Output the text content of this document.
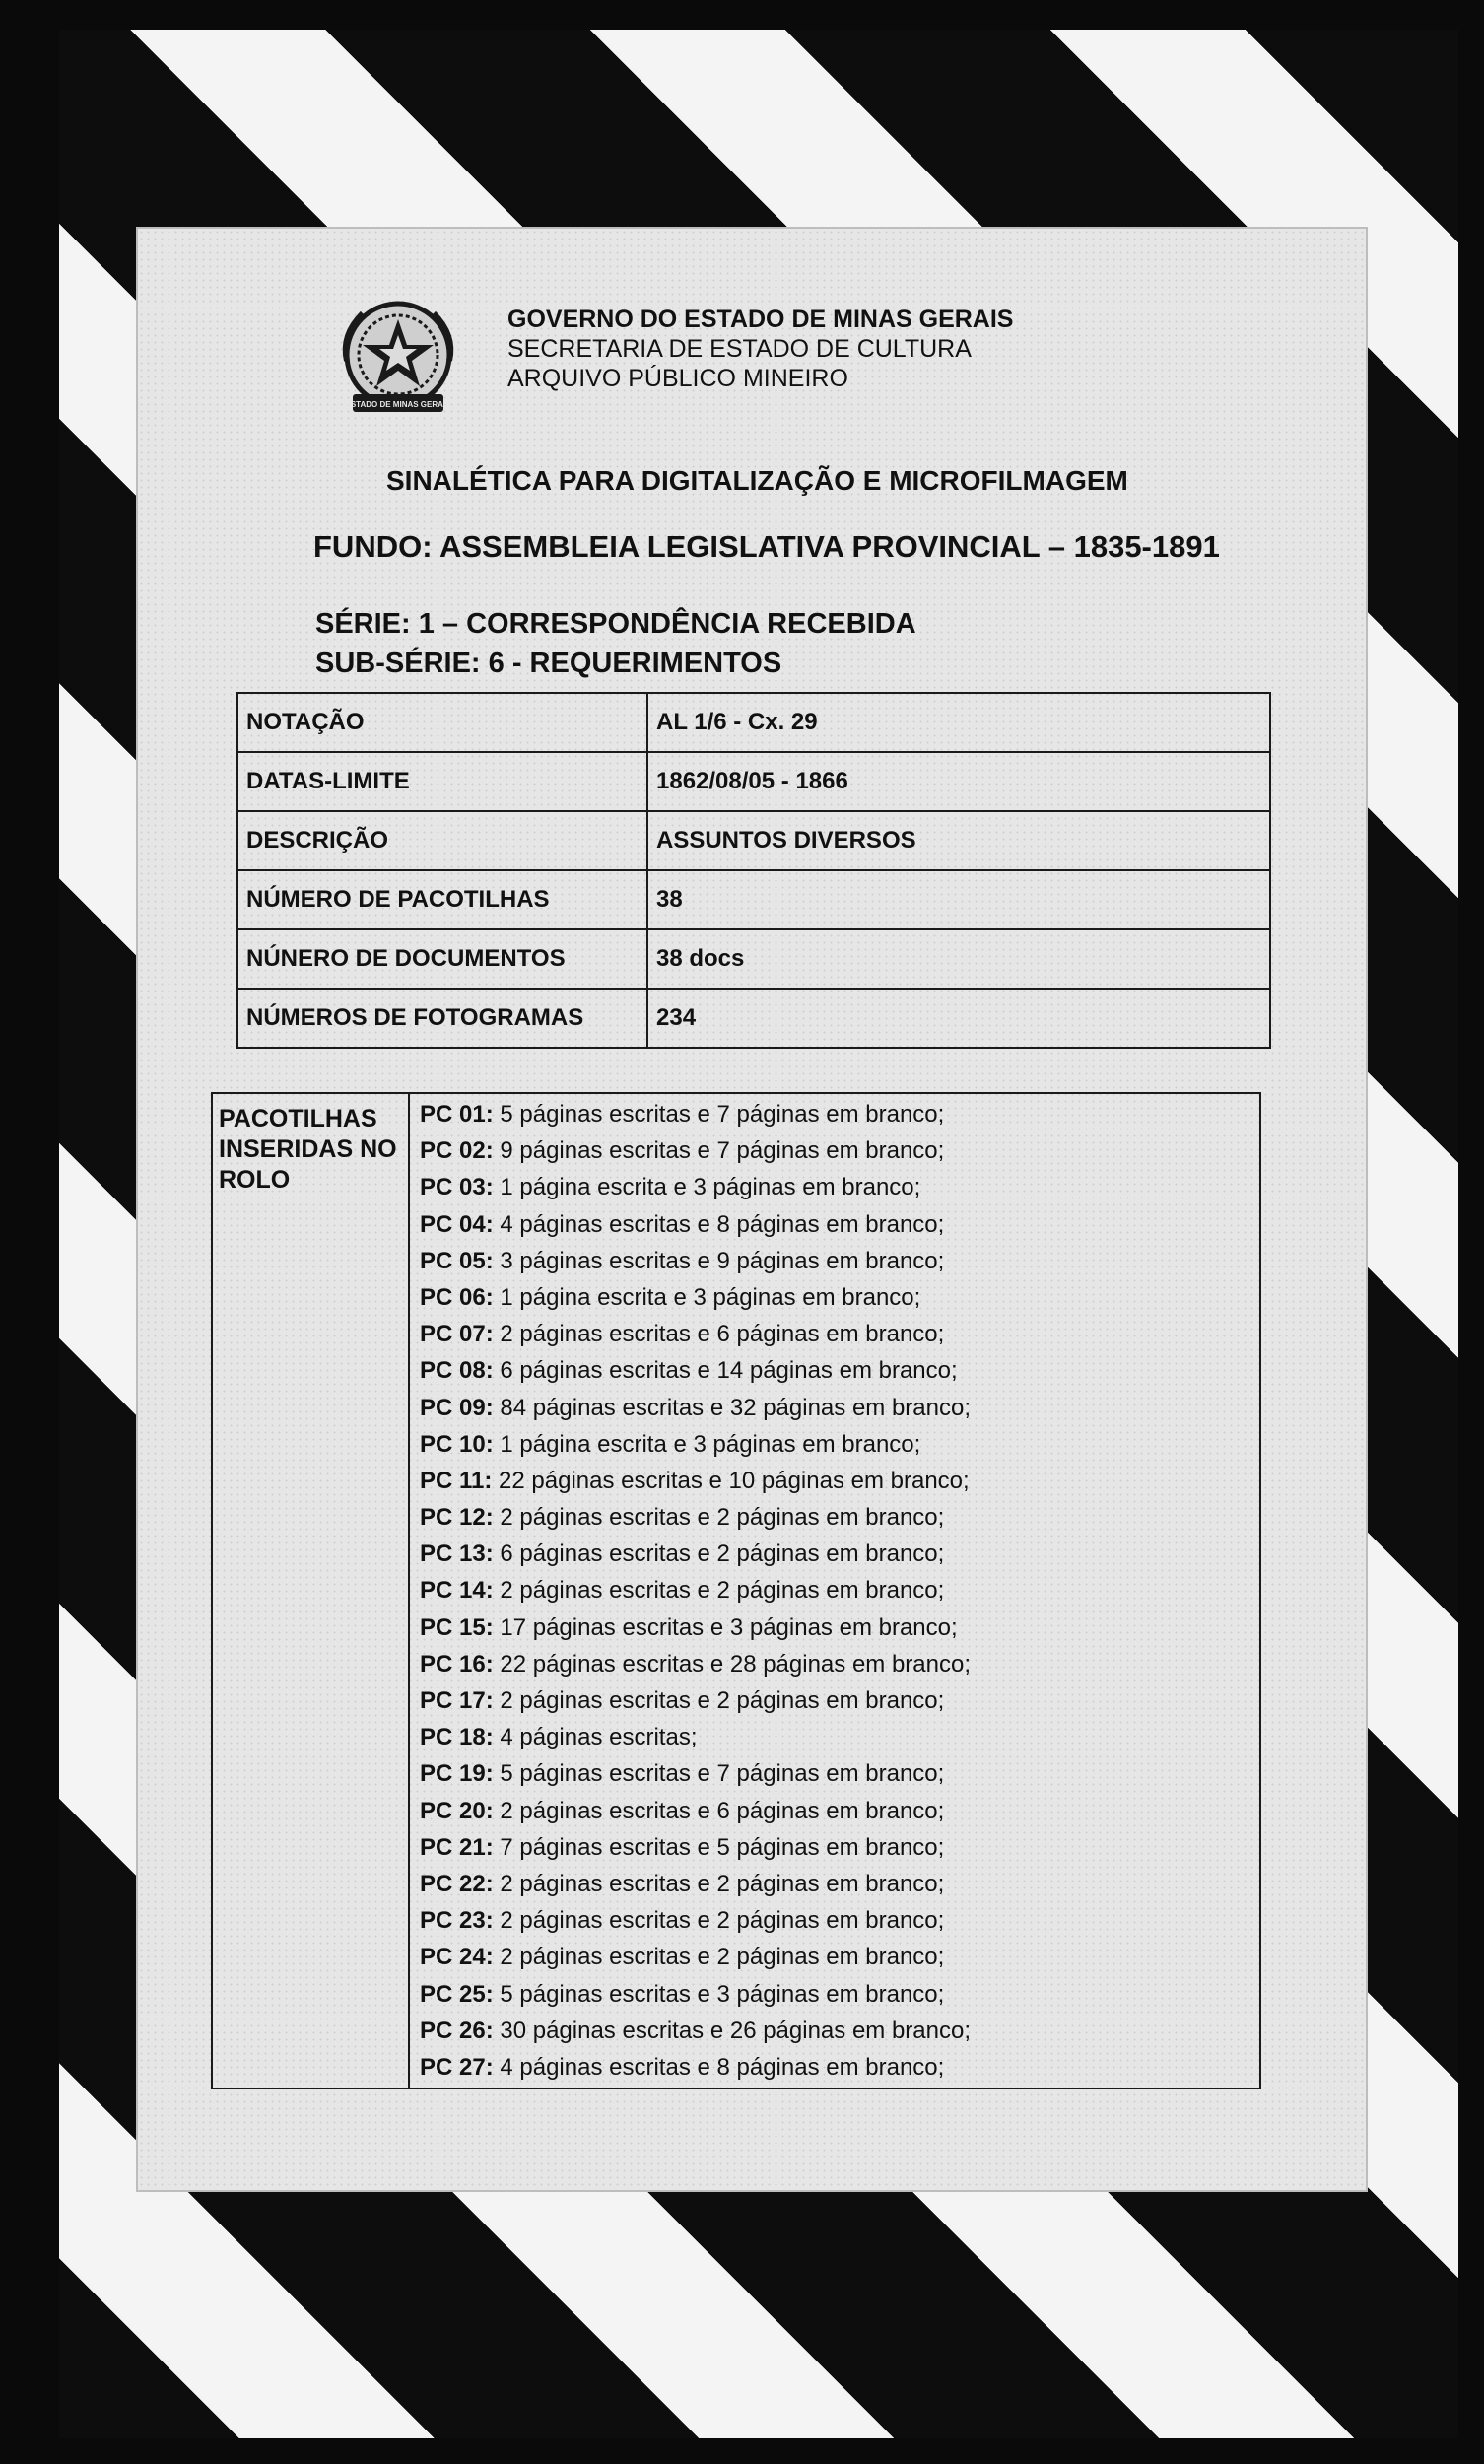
ESTADO DE MINAS GERAIS
GOVERNO DO ESTADO DE MINAS GERAIS
SECRETARIA DE ESTADO DE CULTURA
ARQUIVO PÚBLICO MINEIRO
SINALÉTICA PARA DIGITALIZAÇÃO E MICROFILMAGEM
FUNDO: ASSEMBLEIA LEGISLATIVA PROVINCIAL – 1835-1891
SÉRIE: 1 – CORRESPONDÊNCIA RECEBIDA
SUB-SÉRIE: 6 - REQUERIMENTOS
NOTAÇÃO	AL 1/6 - Cx. 29
DATAS-LIMITE	1862/08/05 - 1866
DESCRIÇÃO	ASSUNTOS DIVERSOS
NÚMERO DE PACOTILHAS	38
NÚNERO DE DOCUMENTOS	38 docs
NÚMEROS DE FOTOGRAMAS	234
PACOTILHAS
INSERIDAS NO
ROLO
PC 01: 5 páginas escritas e 7 páginas em branco;
PC 02: 9 páginas escritas e 7 páginas em branco;
PC 03: 1 página escrita e 3 páginas em branco;
PC 04: 4 páginas escritas e 8 páginas em branco;
PC 05: 3 páginas escritas e 9 páginas em branco;
PC 06: 1 página escrita e 3 páginas em branco;
PC 07: 2 páginas escritas e 6 páginas em branco;
PC 08: 6 páginas escritas e 14 páginas em branco;
PC 09: 84 páginas escritas e 32 páginas em branco;
PC 10: 1 página escrita e 3 páginas em branco;
PC 11: 22 páginas escritas e 10 páginas em branco;
PC 12: 2 páginas escritas e 2 páginas em branco;
PC 13: 6 páginas escritas e 2 páginas em branco;
PC 14: 2 páginas escritas e 2 páginas em branco;
PC 15: 17 páginas escritas e 3 páginas em branco;
PC 16: 22 páginas escritas e 28 páginas em branco;
PC 17: 2 páginas escritas e 2 páginas em branco;
PC 18: 4 páginas escritas;
PC 19: 5 páginas escritas e 7 páginas em branco;
PC 20: 2 páginas escritas e 6 páginas em branco;
PC 21: 7 páginas escritas e 5 páginas em branco;
PC 22: 2 páginas escritas e 2 páginas em branco;
PC 23: 2 páginas escritas e 2 páginas em branco;
PC 24: 2 páginas escritas e 2 páginas em branco;
PC 25: 5 páginas escritas e 3 páginas em branco;
PC 26: 30 páginas escritas e 26 páginas em branco;
PC 27: 4 páginas escritas e 8 páginas em branco;
